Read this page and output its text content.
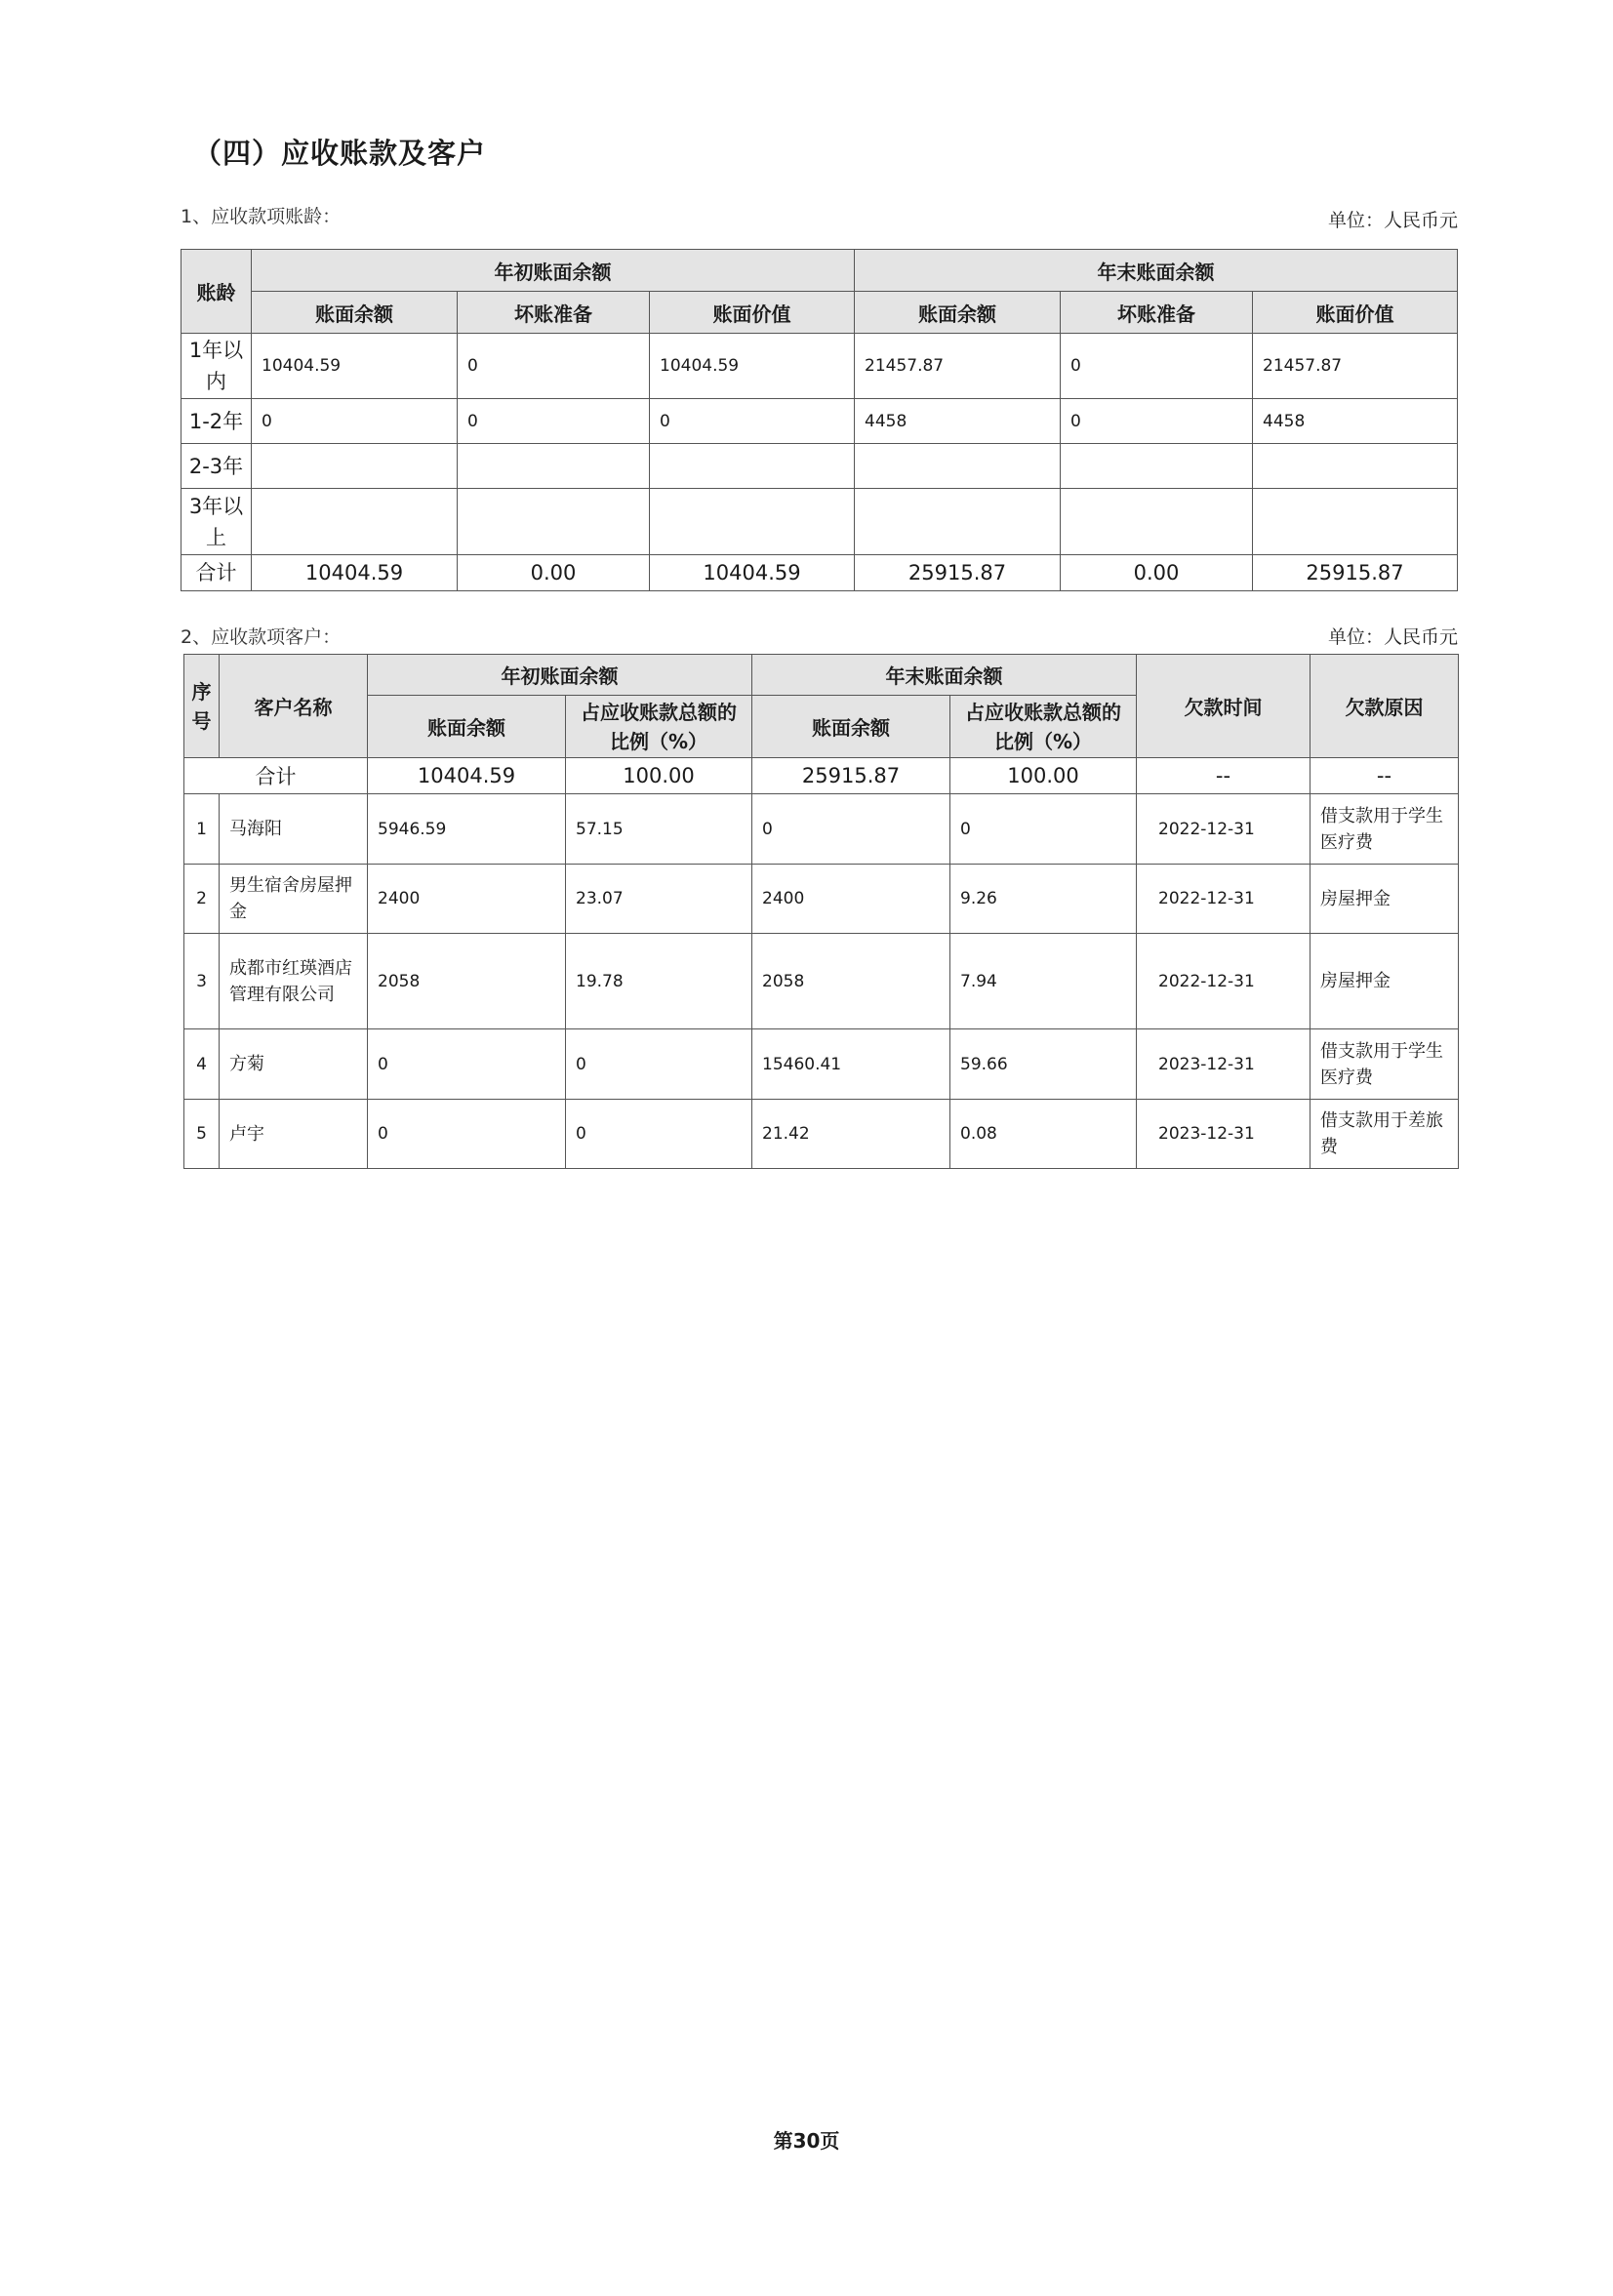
（四）应收账款及客户
1、应收款项账龄：	单位：人民币元
账龄	年初账面余额			年末账面余额		
	账面余额	坏账准备	账面价值	账面余额	坏账准备	账面价值
1年以内	10404.59	0	10404.59	21457.87	0	21457.87
1-2年	0	0	0	4458	0	4458
2-3年						
3年以上						
合计	10404.59	0.00	10404.59	25915.87	0.00	25915.87
2、应收款项客户：	单位：人民币元
序号	客户名称	年初账面余额		年末账面余额		欠款时间	欠款原因
		账面余额	占应收账款总额的比例（%）	账面余额	占应收账款总额的比例（%）		
合计		10404.59	100.00	25915.87	100.00	--	--
1	马海阳	5946.59	57.15	0	0	2022-12-31	借支款用于学生医疗费
2	男生宿舍房屋押金	2400	23.07	2400	9.26	2022-12-31	房屋押金
3	成都市红瑛酒店管理有限公司	2058	19.78	2058	7.94	2022-12-31	房屋押金
4	方菊	0	0	15460.41	59.66	2023-12-31	借支款用于学生医疗费
5	卢宇	0	0	21.42	0.08	2023-12-31	借支款用于差旅费
第30页
